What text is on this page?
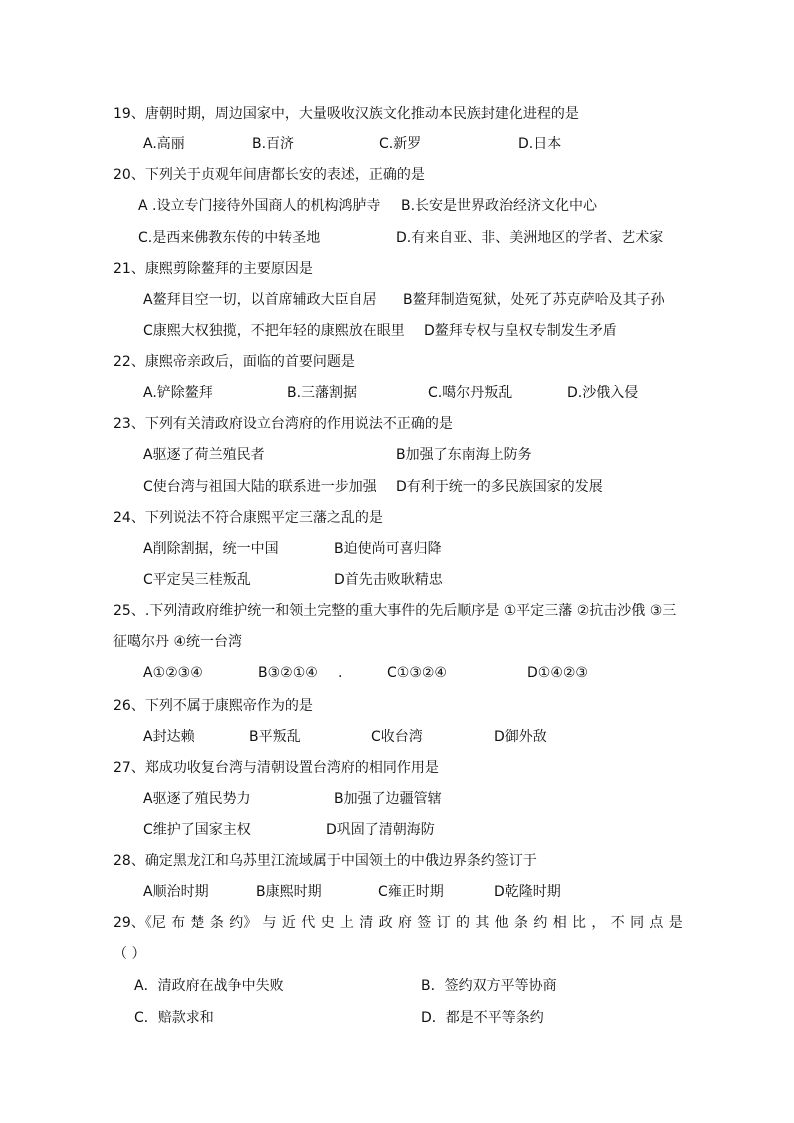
19、唐朝时期，周边国家中，大量吸收汉族文化推动本民族封建化进程的是
A.高丽	B.百济	C.新罗	D.日本
20、下列关于贞观年间唐都长安的表述，正确的是
A .设立专门接待外国商人的机构鸿胪寺 B.长安是世界政治经济文化中心
C.是西来佛教东传的中转圣地	D.有来自亚、非、美洲地区的学者、艺术家
21、康熙剪除鳌拜的主要原因是
A鳌拜目空一切，以首席辅政大臣自居 B鳌拜制造冤狱，处死了苏克萨哈及其子孙
C康熙大权独揽，不把年轻的康熙放在眼里 D鳌拜专权与皇权专制发生矛盾
22、康熙帝亲政后，面临的首要问题是
A.铲除鳌拜	B.三藩割据	C.噶尔丹叛乱	D.沙俄入侵
23、下列有关清政府设立台湾府的作用说法不正确的是
A驱逐了荷兰殖民者	B加强了东南海上防务
C使台湾与祖国大陆的联系进一步加强 D有利于统一的多民族国家的发展
24、下列说法不符合康熙平定三藩之乱的是
A削除割据，统一中国	B迫使尚可喜归降
C平定吴三桂叛乱	D首先击败耿精忠
25、.下列清政府维护统一和领土完整的重大事件的先后顺序是 ①平定三藩 ②抗击沙俄 ③三
征噶尔丹 ④统一台湾
A①②③④	B③②①④ .	C①③②④	D①④②③
26、下列不属于康熙帝作为的是
A封达赖	B平叛乱	C收台湾	D御外敌
27、郑成功收复台湾与清朝设置台湾府的相同作用是
A驱逐了殖民势力	B加强了边疆管辖
C维护了国家主权	D巩固了清朝海防
28、确定黑龙江和乌苏里江流域属于中国领土的中俄边界条约签订于
A顺治时期	B康熙时期	C雍正时期	D乾隆时期
29、《尼 布 楚 条 约》 与 近 代 史 上 清 政 府 签 订 的 其 他 条 约 相 比 ， 不 同 点 是
（ ）
A．清政府在战争中失败	B．签约双方平等协商
C．赔款求和	D．都是不平等条约
